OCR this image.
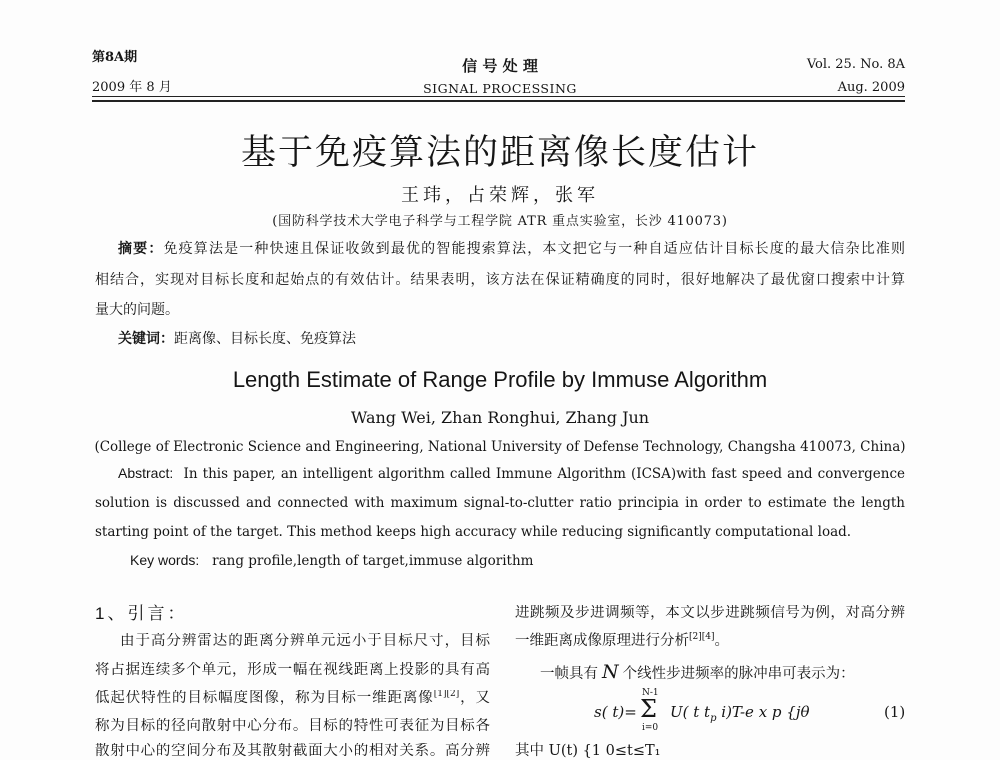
第8A期
2009 年 8 月
信 号 处 理
SIGNAL PROCESSING
Vol. 25. No. 8A
Aug. 2009
基于免疫算法的距离像长度估计
王玮，占荣辉，张军
(国防科学技术大学电子科学与工程学院 ATR 重点实验室，长沙 410073)
摘要：免疫算法是一种快速且保证收敛到最优的智能搜索算法，本文把它与一种自适应估计目标长度的最大信杂比准则
相结合，实现对目标长度和起始点的有效估计。结果表明，该方法在保证精确度的同时，很好地解决了最优窗口搜索中计算
量大的问题。
关键词：距离像、目标长度、免疫算法
Length Estimate of Range Profile by Immuse Algorithm
Wang Wei, Zhan Ronghui, Zhang Jun
(College of Electronic Science and Engineering, National University of Defense Technology, Changsha 410073, China)
Abstract: In this paper, an intelligent algorithm called Immune Algorithm (ICSA)with fast speed and convergence
solution is discussed and connected with maximum signal-to-clutter ratio principia in order to estimate the length
starting point of the target. This method keeps high accuracy while reducing significantly computational load.
Key words: rang profile,length of target,immuse algorithm
1、引言：
由于高分辨雷达的距离分辨单元远小于目标尺寸，目标
将占据连续多个单元，形成一幅在视线距离上投影的具有高
低起伏特性的目标幅度图像，称为目标一维距离像[1][2]，又
称为目标的径向散射中心分布。目标的特性可表征为目标各
散射中心的空间分布及其散射截面大小的相对关系。高分辨
进跳频及步进调频等，本文以步进跳频信号为例，对高分辨
一维距离成像原理进行分析[2][4]。
一帧具有 N 个线性步进频率的脉冲串可表示为：
s( t)=
N-1
Σ
i=0
U( t $t_p$ i)T-e x p {jθ	(1)
其中 U(t) {1 0≤t≤T₁
